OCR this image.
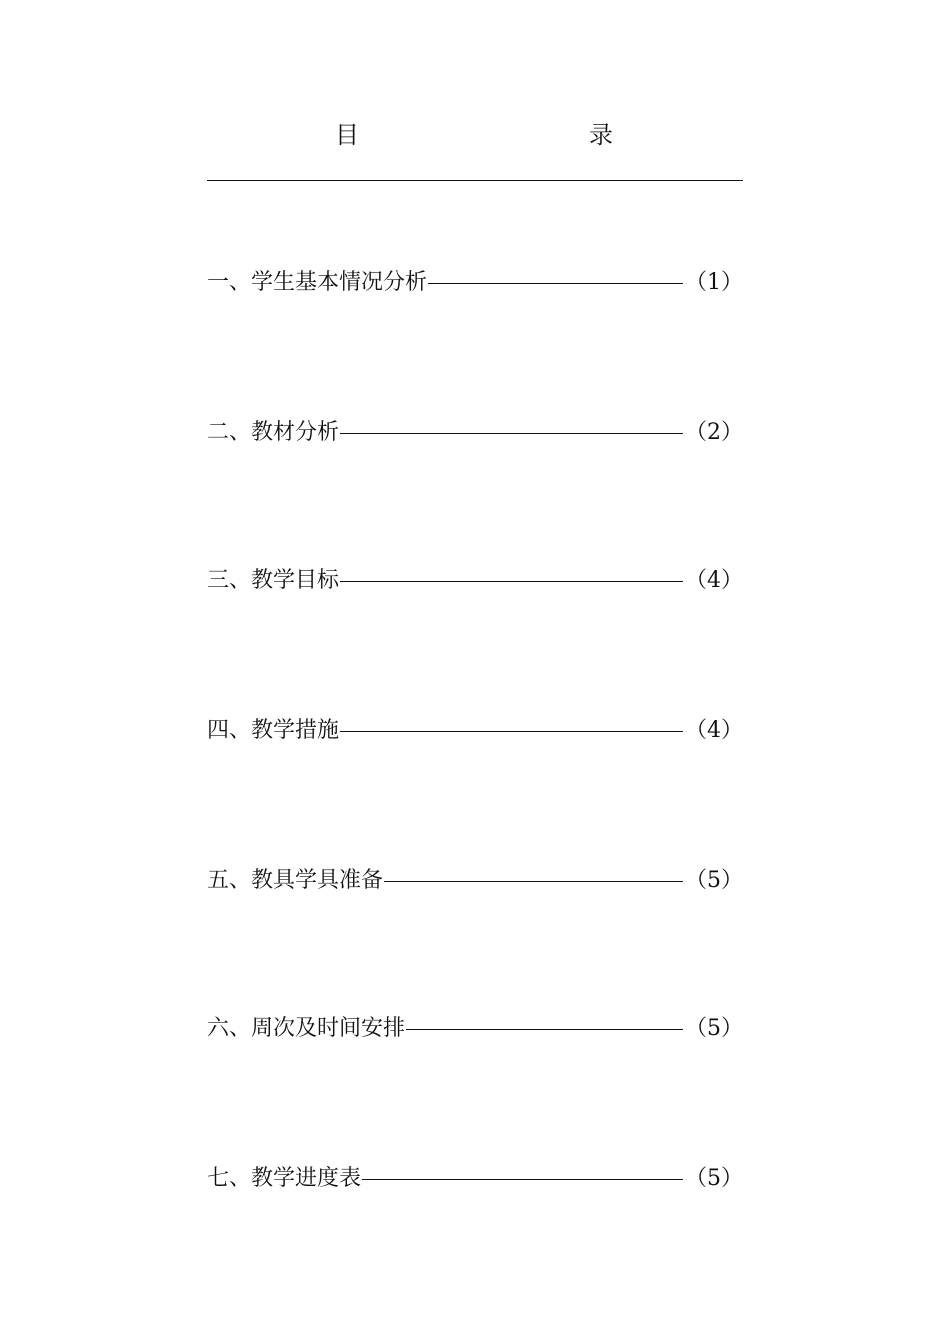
目	录
一、学生基本情况分析	（1）
二、教材分析	（2）
三、教学目标	（4）
四、教学措施	（4）
五、教具学具准备	（5）
六、周次及时间安排	（5）
七、教学进度表	（5）
